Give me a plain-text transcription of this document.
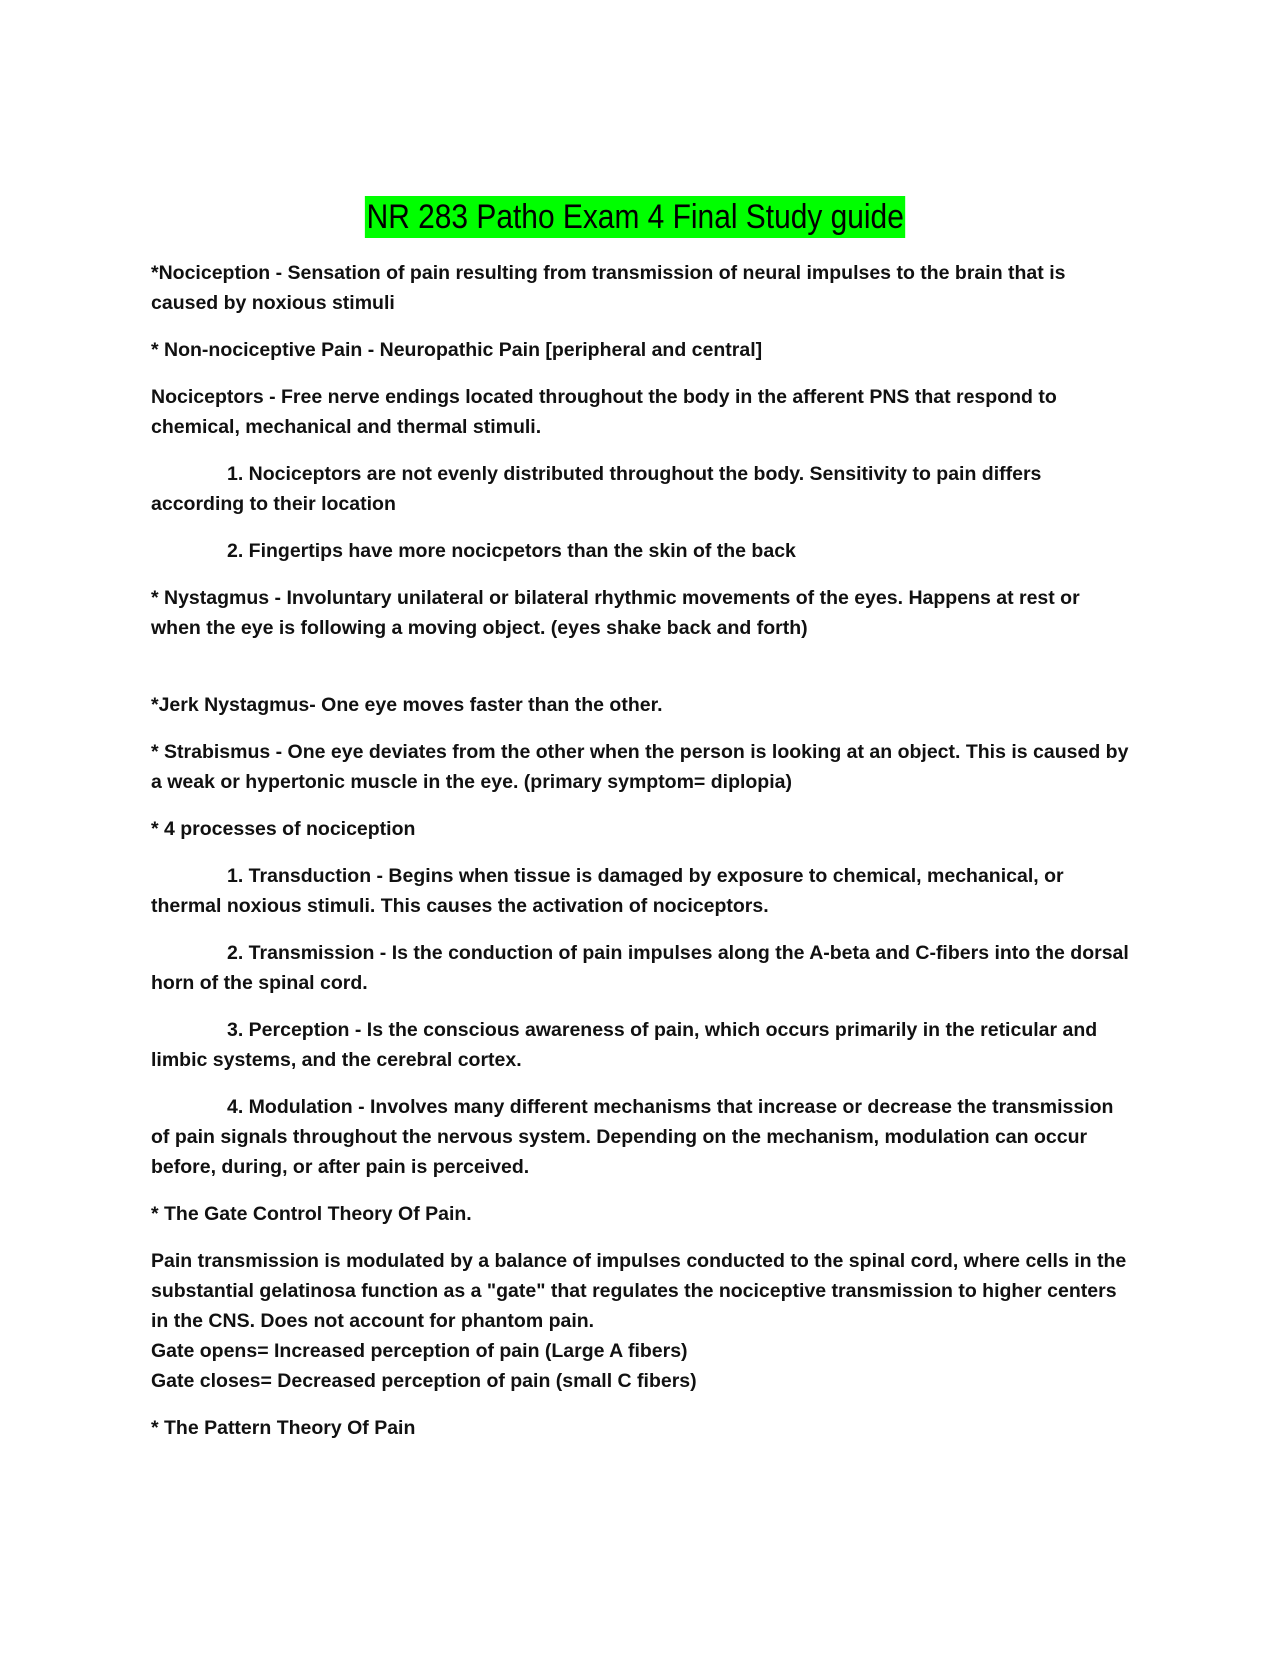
NR 283 Patho Exam 4 Final Study guide

*Nociception - Sensation of pain resulting from transmission of neural impulses to the brain that is caused by noxious stimuli

* Non-nociceptive Pain - Neuropathic Pain [peripheral and central]

Nociceptors - Free nerve endings located throughout the body in the afferent PNS that respond to chemical, mechanical and thermal stimuli.

1. Nociceptors are not evenly distributed throughout the body. Sensitivity to pain differs according to their location

2. Fingertips have more nocicpetors than the skin of the back

* Nystagmus - Involuntary unilateral or bilateral rhythmic movements of the eyes. Happens at rest or when the eye is following a moving object. (eyes shake back and forth)

*Jerk Nystagmus- One eye moves faster than the other.

* Strabismus - One eye deviates from the other when the person is looking at an object. This is caused by a weak or hypertonic muscle in the eye. (primary symptom= diplopia)

* 4 processes of nociception

1. Transduction - Begins when tissue is damaged by exposure to chemical, mechanical, or thermal noxious stimuli. This causes the activation of nociceptors.

2. Transmission - Is the conduction of pain impulses along the A-beta and C-fibers into the dorsal horn of the spinal cord.

3. Perception - Is the conscious awareness of pain, which occurs primarily in the reticular and limbic systems, and the cerebral cortex.

4. Modulation - Involves many different mechanisms that increase or decrease the transmission of pain signals throughout the nervous system. Depending on the mechanism, modulation can occur before, during, or after pain is perceived.

* The Gate Control Theory Of Pain.

Pain transmission is modulated by a balance of impulses conducted to the spinal cord, where cells in the substantial gelatinosa function as a "gate" that regulates the nociceptive transmission to higher centers in the CNS. Does not account for phantom pain.

Gate opens= Increased perception of pain (Large A fibers)

Gate closes= Decreased perception of pain (small C fibers)

* The Pattern Theory Of Pain
